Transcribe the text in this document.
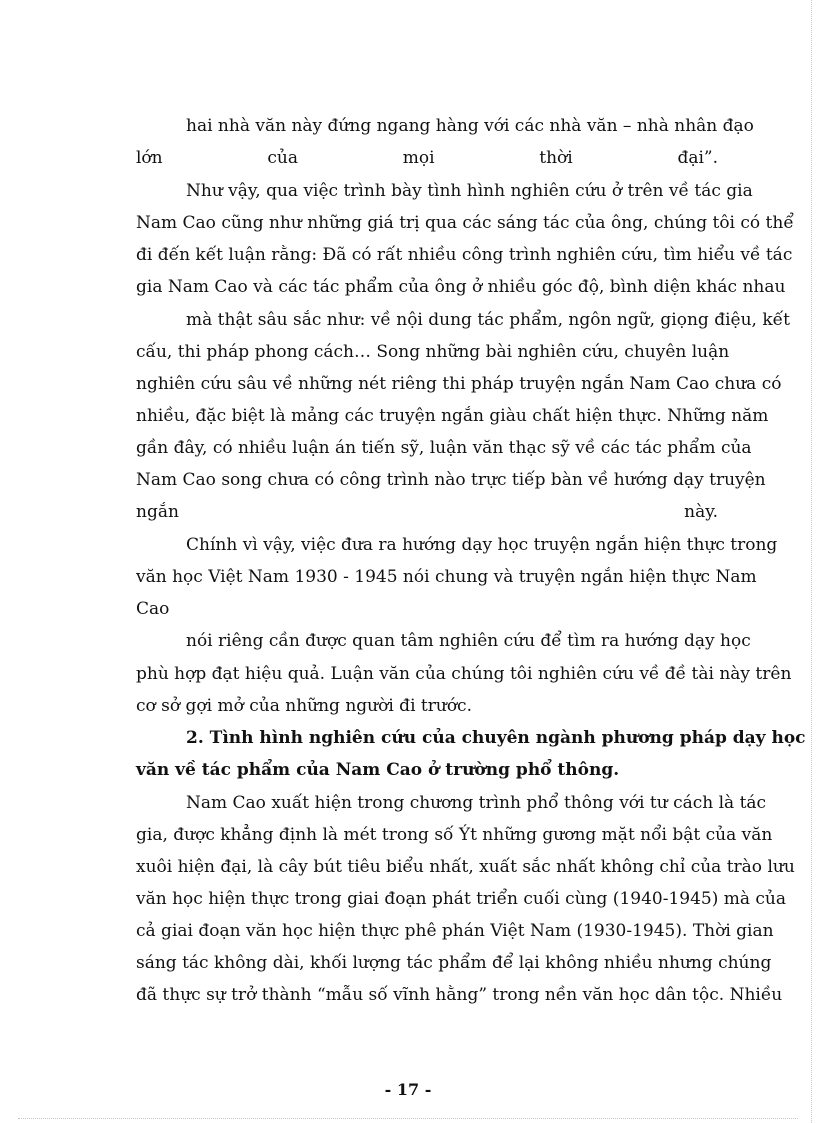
hai nhà văn này đứng ngang hàng với các nhà văn – nhà nhân đạo
lớn của mọi thời đại”.
Như vậy, qua việc trình bày tình hình nghiên cứu ở trên về tác gia
Nam Cao cũng như những giá trị qua các sáng tác của ông, chúng tôi có thể
đi đến kết luận rằng: Đã có rất nhiều công trình nghiên cứu, tìm hiểu về tác
gia Nam Cao và các tác phẩm của ông ở nhiều góc độ, bình diện khác nhau
mà thật sâu sắc như: về nội dung tác phẩm, ngôn ngữ, giọng điệu, kết
cấu, thi pháp phong cách… Song những bài nghiên cứu, chuyên luận
nghiên cứu sâu về những nét riêng thi pháp truyện ngắn Nam Cao chưa có
nhiều, đặc biệt là mảng các truyện ngắn giàu chất hiện thực. Những năm
gần đây, có nhiều luận án tiến sỹ, luận văn thạc sỹ về các tác phẩm của
Nam Cao song chưa có công trình nào trực tiếp bàn về hướng dạy truyện
ngắn này.
Chính vì vậy, việc đưa ra hướng dạy học truyện ngắn hiện thực trong
văn học Việt Nam 1930 - 1945 nói chung và truyện ngắn hiện thực Nam
Cao
nói riêng cần được quan tâm nghiên cứu để tìm ra hướng dạy học
phù hợp đạt hiệu quả. Luận văn của chúng tôi nghiên cứu về đề tài này trên
cơ sở gợi mở của những người đi trước.
2. Tình hình nghiên cứu của chuyên ngành phương pháp dạy học
văn về tác phẩm của Nam Cao ở trường phổ thông.
Nam Cao xuất hiện trong chương trình phổ thông với tư cách là tác
gia, được khẳng định là mét trong số Ýt những gương mặt nổi bật của văn
xuôi hiện đại, là cây bút tiêu biểu nhất, xuất sắc nhất không chỉ của trào lưu
văn học hiện thực trong giai đoạn phát triển cuối cùng (1940-1945) mà của
cả giai đoạn văn học hiện thực phê phán Việt Nam (1930-1945). Thời gian
sáng tác không dài, khối lượng tác phẩm để lại không nhiều nhưng chúng
đã thực sự trở thành “mẫu số vĩnh hằng” trong nền văn học dân tộc. Nhiều
- 17 -
